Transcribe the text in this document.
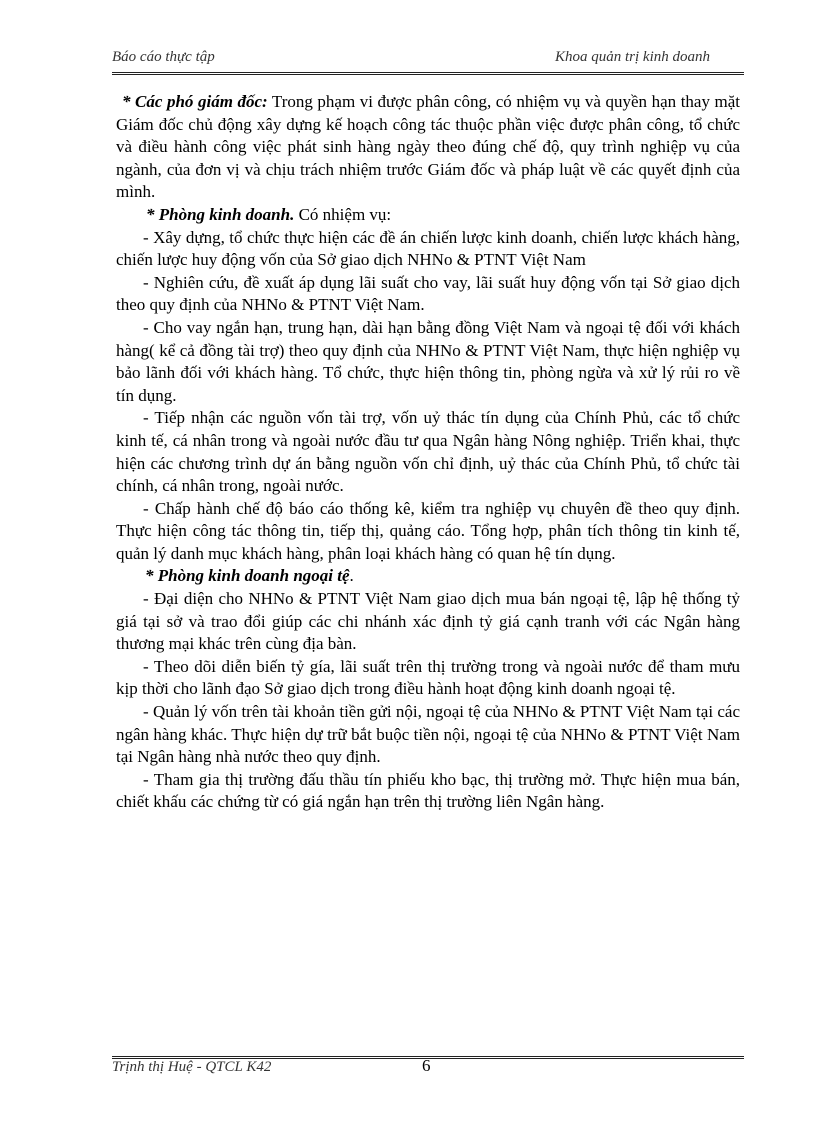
Báo cáo thực tập	Khoa quản trị kinh doanh

* Các phó giám đốc: Trong phạm vi được phân công, có nhiệm vụ và quyền hạn thay mặt Giám đốc chủ động xây dựng kế hoạch công tác thuộc phần việc được phân công, tổ chức và điều hành công việc phát sinh hàng ngày theo đúng chế độ, quy trình nghiệp vụ của ngành, của đơn vị và chịu trách nhiệm trước Giám đốc và pháp luật về các quyết định của mình.

* Phòng kinh doanh. Có nhiệm vụ:

- Xây dựng, tổ chức thực hiện các đề án chiến lược kinh doanh, chiến lược khách hàng, chiến lược huy động vốn của Sở giao dịch NHNo & PTNT Việt Nam

- Nghiên cứu, đề xuất áp dụng lãi suất cho vay, lãi suất huy động vốn tại Sở giao dịch theo quy định của NHNo & PTNT Việt Nam.

- Cho vay ngắn hạn, trung hạn, dài hạn bằng đồng Việt Nam và ngoại tệ đối với khách hàng( kể cả đồng tài trợ) theo quy định của NHNo & PTNT Việt Nam, thực hiện nghiệp vụ bảo lãnh đối với khách hàng. Tổ chức, thực hiện thông tin, phòng ngừa và xử lý rủi ro về tín dụng.

- Tiếp nhận các nguồn vốn tài trợ, vốn uỷ thác tín dụng của Chính Phủ, các tổ chức kinh tế, cá nhân trong và ngoài nước đầu tư qua Ngân hàng Nông nghiệp. Triển khai, thực hiện các chương trình dự án bằng nguồn vốn chỉ định, uỷ thác của Chính Phủ, tổ chức tài chính, cá nhân trong, ngoài nước.

- Chấp hành chế độ báo cáo thống kê, kiểm tra nghiệp vụ chuyên đề theo quy định. Thực hiện công tác thông tin, tiếp thị, quảng cáo. Tổng hợp, phân tích thông tin kinh tế, quản lý danh mục khách hàng, phân loại khách hàng có quan hệ tín dụng.

* Phòng kinh doanh ngoại tệ.

- Đại diện cho NHNo & PTNT Việt Nam giao dịch mua bán ngoại tệ, lập hệ thống tỷ giá tại sở và trao đổi giúp các chi nhánh xác định tỷ giá cạnh tranh với các Ngân hàng thương mại khác trên cùng địa bàn.

- Theo dõi diễn biến tỷ gía, lãi suất trên thị trường trong và ngoài nước để tham mưu kịp thời cho lãnh đạo Sở giao dịch trong điều hành hoạt động kinh doanh ngoại tệ.

- Quản lý vốn trên tài khoản tiền gửi nội, ngoại tệ của NHNo & PTNT Việt Nam tại các ngân hàng khác. Thực hiện dự trữ bắt buộc tiền nội, ngoại tệ của NHNo & PTNT Việt Nam tại Ngân hàng nhà nước theo quy định.

- Tham gia thị trường đấu thầu tín phiếu kho bạc, thị trường mở. Thực hiện mua bán, chiết khấu các chứng từ có giá ngắn hạn trên thị trường liên Ngân hàng.

Trịnh thị Huệ - QTCL K42	6
